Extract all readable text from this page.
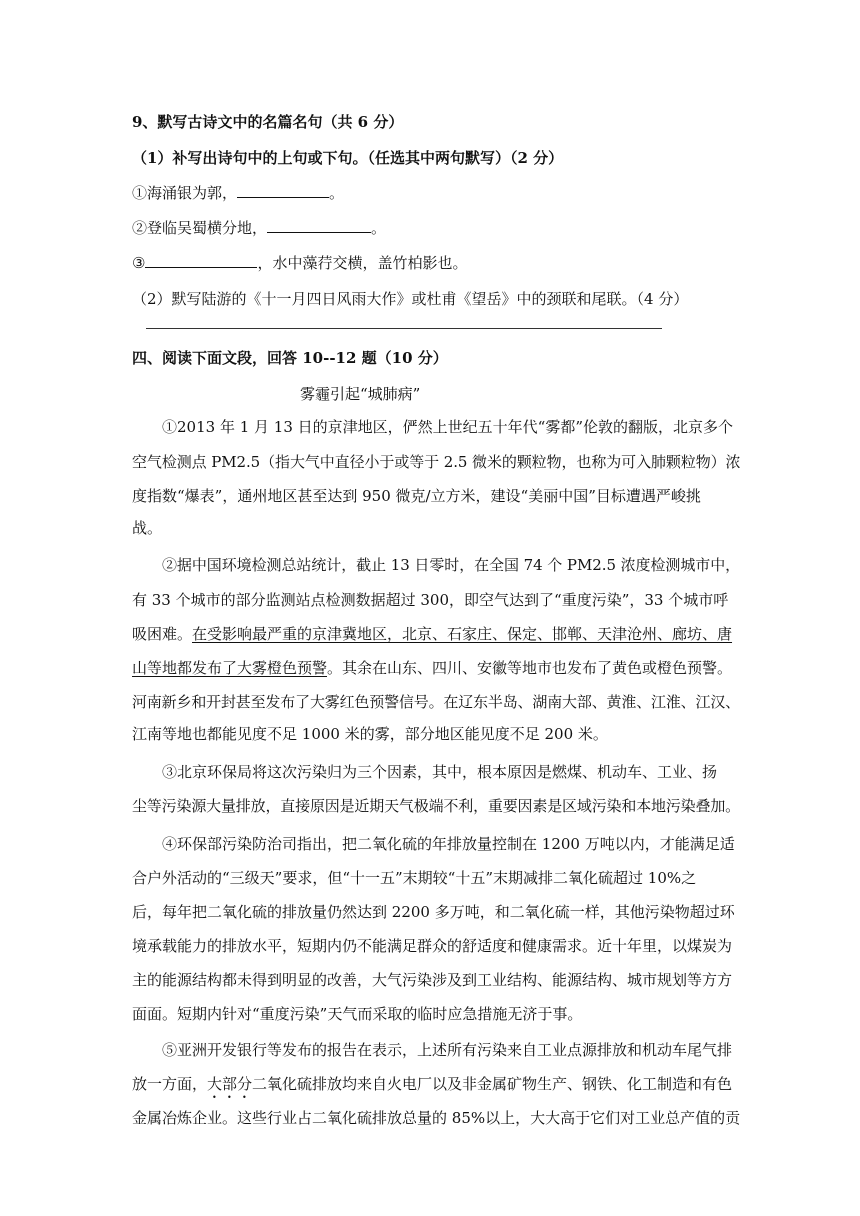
9、默写古诗文中的名篇名句（共 6 分）
（1）补写出诗句中的上句或下句。（任选其中两句默写）（2 分）
①海涌银为郭，	。
②登临吴蜀横分地，	。
③	，水中藻荇交横，盖竹柏影也。
（2）默写陆游的《十一月四日风雨大作》或杜甫《望岳》中的颈联和尾联。（4 分）
四、阅读下面文段，回答 10--12 题（10 分）
雾霾引起“城肺病”
①2013 年 1 月 13 日的京津地区，俨然上世纪五十年代“雾都”伦敦的翻版，北京多个
空气检测点 PM2.5（指大气中直径小于或等于 2.5 微米的颗粒物，也称为可入肺颗粒物）浓
度指数“爆表”，通州地区甚至达到 950 微克/立方米，建设“美丽中国”目标遭遇严峻挑
战。
②据中国环境检测总站统计，截止 13 日零时，在全国 74 个 PM2.5 浓度检测城市中，
有 33 个城市的部分监测站点检测数据超过 300，即空气达到了“重度污染”，33 个城市呼
吸困难。在受影响最严重的京津冀地区，北京、石家庄、保定、邯郸、天津沧州、廊坊、唐
山等地都发布了大雾橙色预警。其余在山东、四川、安徽等地市也发布了黄色或橙色预警。
河南新乡和开封甚至发布了大雾红色预警信号。在辽东半岛、湖南大部、黄淮、江淮、江汉、
江南等地也都能见度不足 1000 米的雾，部分地区能见度不足 200 米。
③北京环保局将这次污染归为三个因素，其中，根本原因是燃煤、机动车、工业、扬
尘等污染源大量排放，直接原因是近期天气极端不利，重要因素是区域污染和本地污染叠加。
④环保部污染防治司指出，把二氧化硫的年排放量控制在 1200 万吨以内，才能满足适
合户外活动的“三级天”要求，但“十一五”末期较“十五”末期减排二氧化硫超过 10%之
后，每年把二氧化硫的排放量仍然达到 2200 多万吨，和二氧化硫一样，其他污染物超过环
境承载能力的排放水平，短期内仍不能满足群众的舒适度和健康需求。近十年里，以煤炭为
主的能源结构都未得到明显的改善，大气污染涉及到工业结构、能源结构、城市规划等方方
面面。短期内针对“重度污染”天气而采取的临时应急措施无济于事。
⑤亚洲开发银行等发布的报告在表示，上述所有污染来自工业点源排放和机动车尾气排
放一方面，大部分二氧化硫排放均来自火电厂以及非金属矿物生产、钢铁、化工制造和有色
金属冶炼企业。这些行业占二氧化硫排放总量的 85%以上，大大高于它们对工业总产值的贡
